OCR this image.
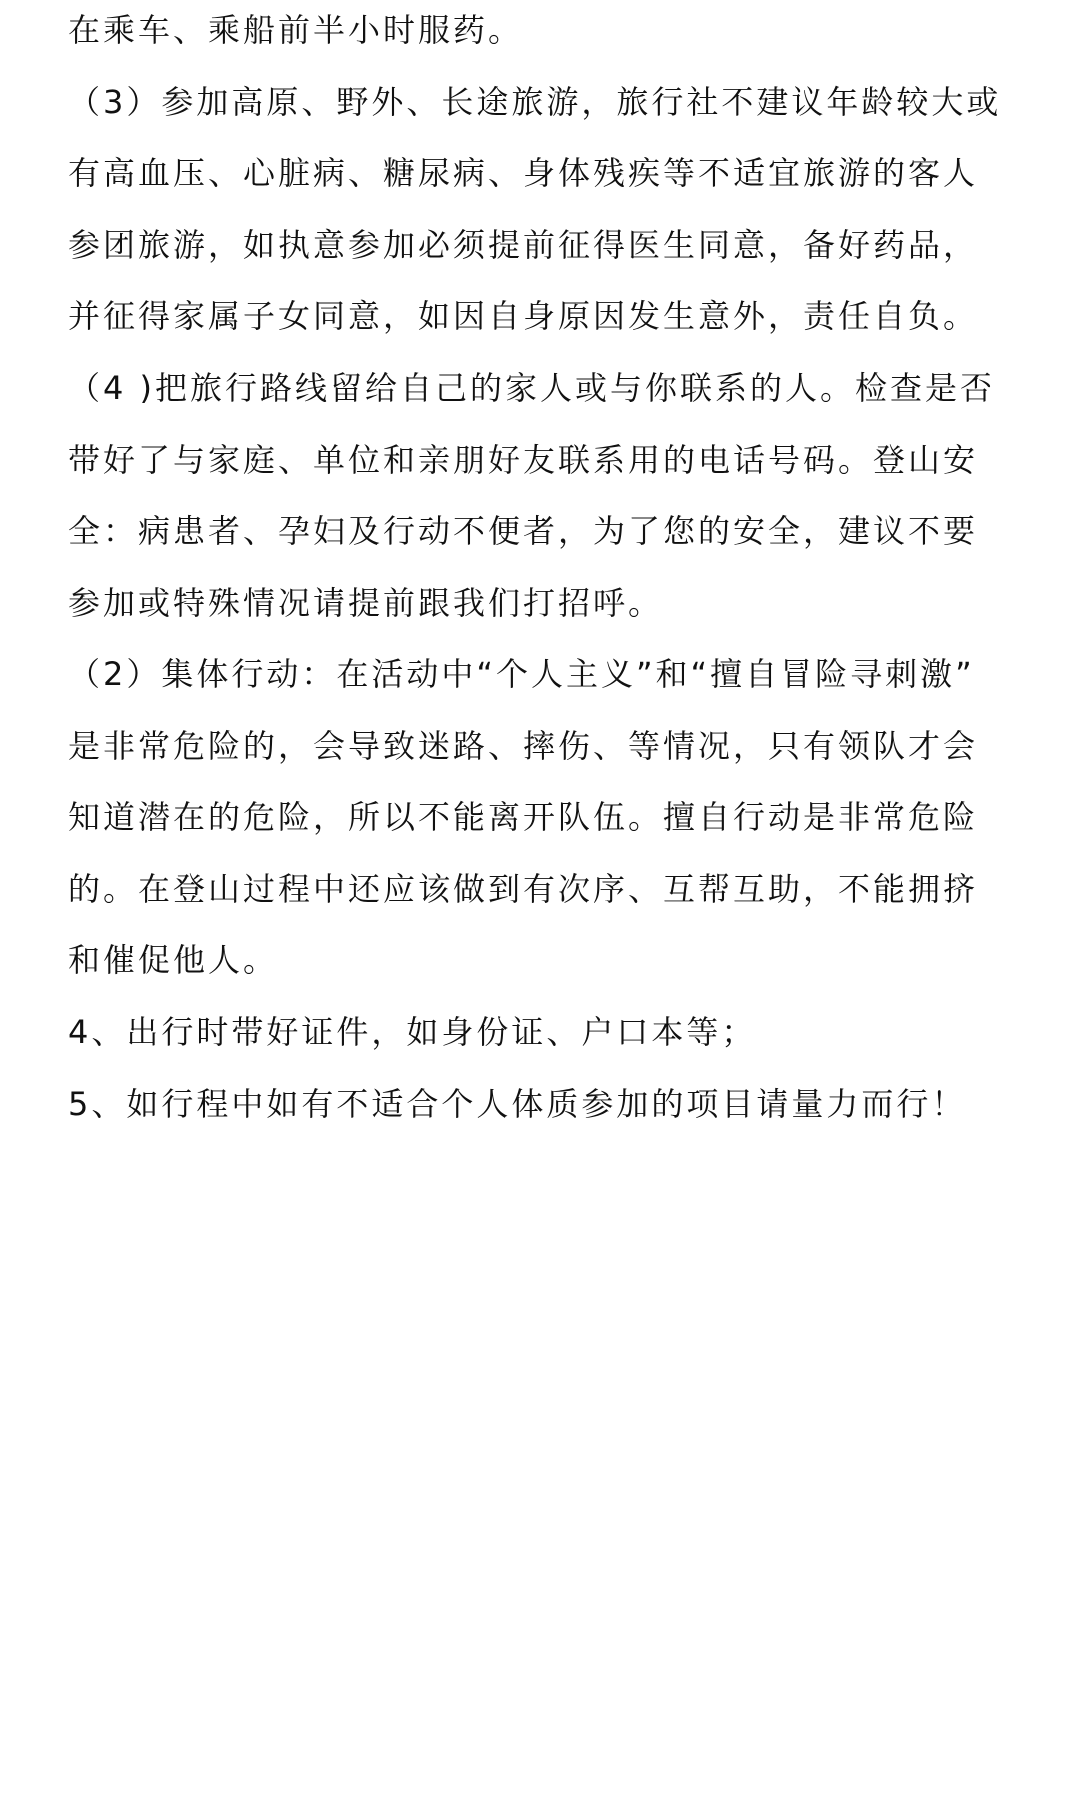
在乘车、乘船前半小时服药。
（3）参加高原、野外、长途旅游，旅行社不建议年龄较大或
有高血压、心脏病、糖尿病、身体残疾等不适宜旅游的客人
参团旅游，如执意参加必须提前征得医生同意，备好药品，
并征得家属子女同意，如因自身原因发生意外，责任自负。
（4 )把旅行路线留给自己的家人或与你联系的人。检查是否
带好了与家庭、单位和亲朋好友联系用的电话号码。登山安
全：病患者、孕妇及行动不便者，为了您的安全，建议不要
参加或特殊情况请提前跟我们打招呼。
（2）集体行动：在活动中“个人主义”和“擅自冒险寻刺激”
是非常危险的，会导致迷路、摔伤、等情况，只有领队才会
知道潜在的危险，所以不能离开队伍。擅自行动是非常危险
的。在登山过程中还应该做到有次序、互帮互助，不能拥挤
和催促他人。
4、出行时带好证件，如身份证、户口本等；
5、如行程中如有不适合个人体质参加的项目请量力而行！
